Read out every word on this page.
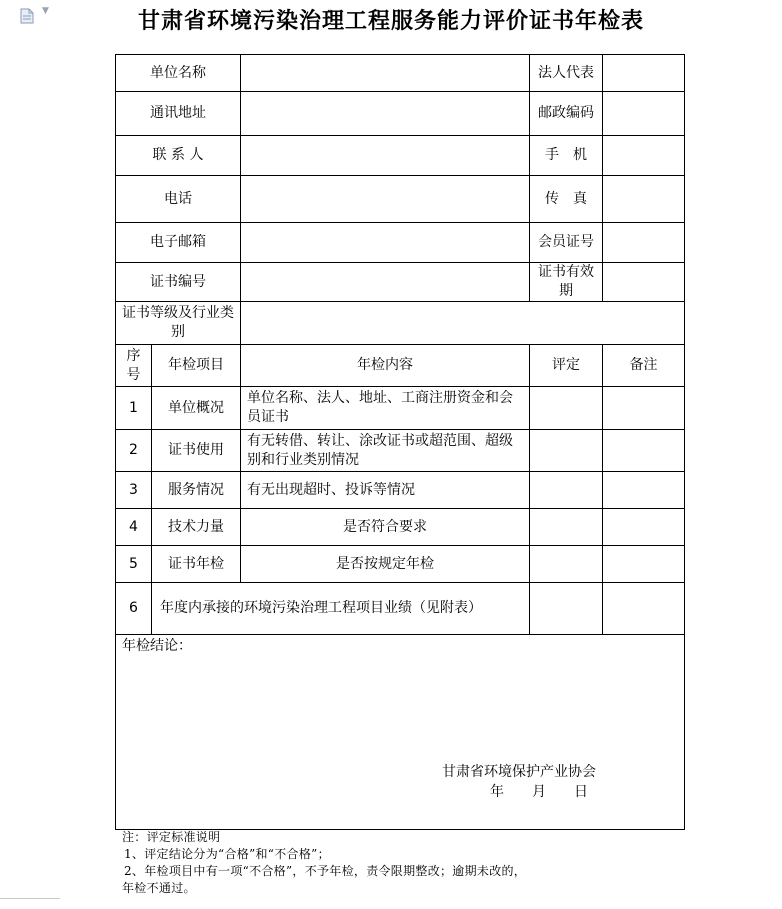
▼	甘肃省环境污染治理工程服务能力评价证书年检表
单位名称			法人代表	
通讯地址			邮政编码	
联 系 人			手　机	
电话			传　真	
电子邮箱			会员证号	
证书编号			证书有效期	
证书等级及行业类别				
序号	年检项目	年检内容	评定	备注
1	单位概况	单位名称、法人、地址、工商注册资金和会员证书		
2	证书使用	有无转借、转让、涂改证书或超范围、超级别和行业类别情况		
3	服务情况	有无出现超时、投诉等情况		
4	技术力量	是否符合要求		
5	证书年检	是否按规定年检		
6	年度内承接的环境污染治理工程项目业绩（见附表）			

年检结论：
甘肃省环境保护产业协会
年　　月　　日				
注：评定标准说明
1、评定结论分为“合格”和“不合格”；
2、年检项目中有一项“不合格”，不予年检，责令限期整改；逾期未改的，
年检不通过。
